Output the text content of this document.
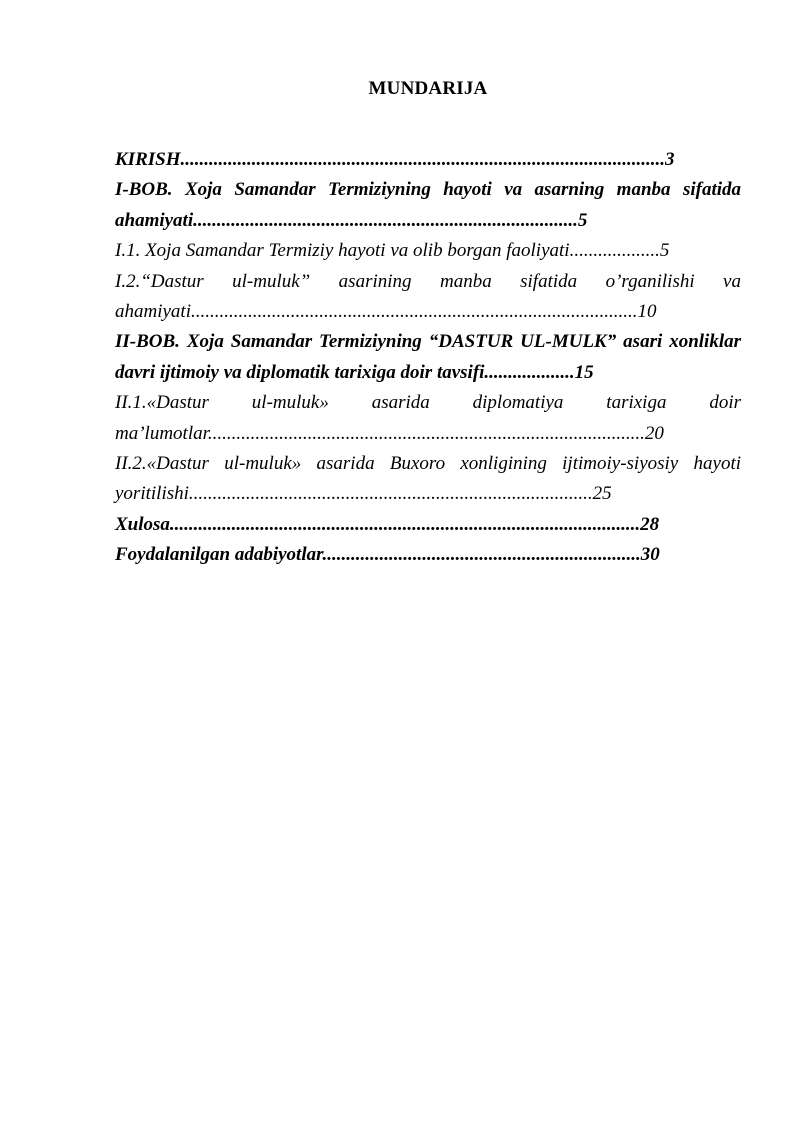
MUNDARIJA

KIRISH......................................................................................................3

I-BOB. Xoja Samandar Termiziyning hayoti va asarning manba sifatida ahamiyati.................................................................................5

I.1. Xoja Samandar Termiziy hayoti va olib borgan faoliyati...................5

I.2.“Dastur ul-muluk” asarining manba sifatida o’rganilishi va ahamiyati..............................................................................................10

II-BOB. Xoja Samandar Termiziyning “DASTUR UL-MULK” asari xonliklar davri ijtimoiy va diplomatik tarixiga doir tavsifi...................15

II.1.«Dastur ul-muluk» asarida diplomatiya tarixiga doir ma’lumotlar............................................................................................20

II.2.«Dastur ul-muluk» asarida Buxoro xonligining ijtimoiy-siyosiy hayoti yoritilishi.....................................................................................25

Xulosa...................................................................................................28

Foydalanilgan adabiyotlar...................................................................30
